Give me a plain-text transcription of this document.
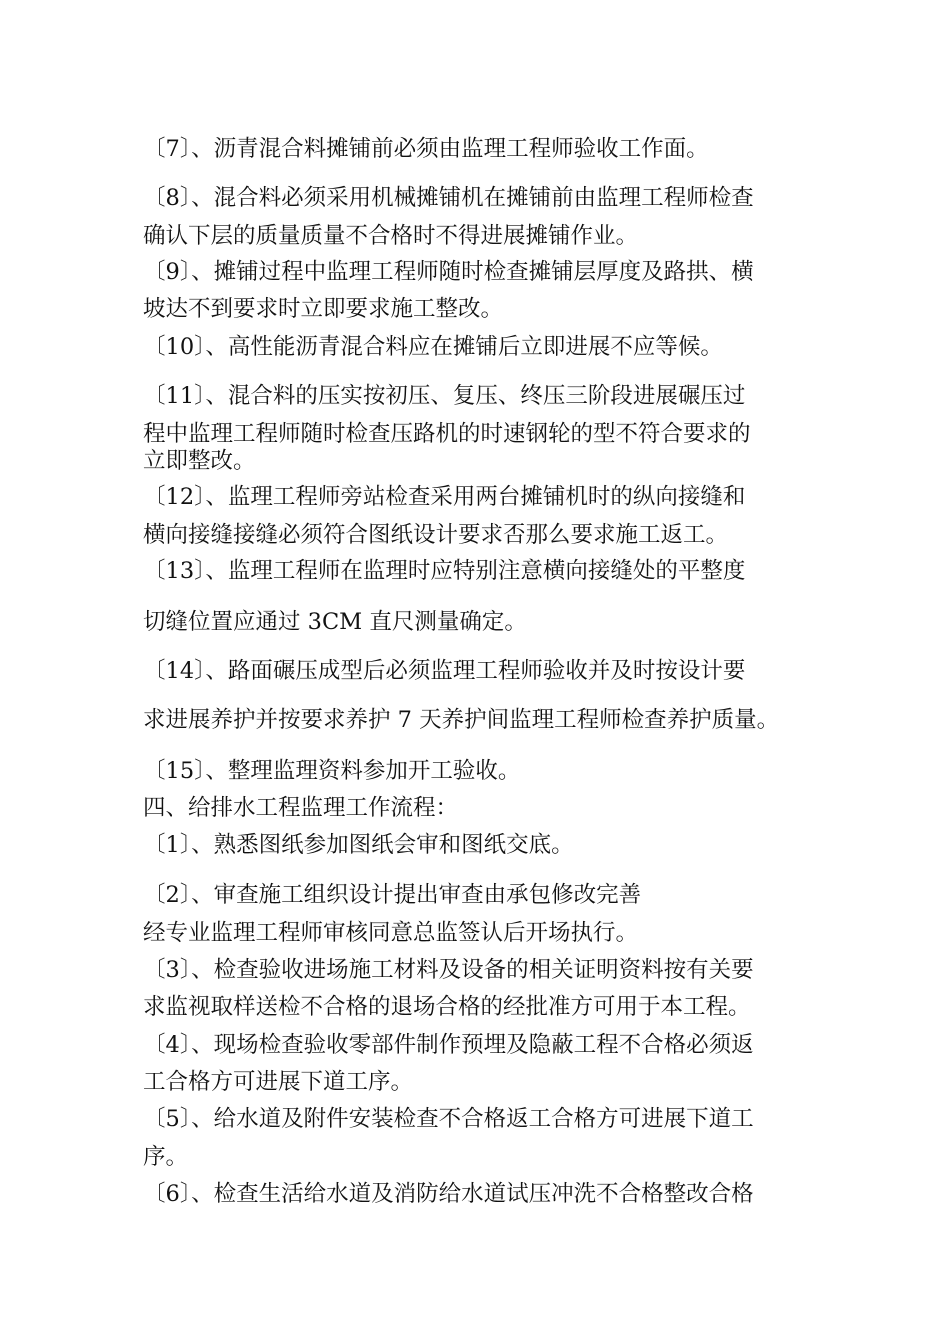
〔7〕、沥青混合料摊铺前必须由监理工程师验收工作面。

〔8〕、混合料必须采用机械摊铺机在摊铺前由监理工程师检查

确认下层的质量质量不合格时不得进展摊铺作业。

〔9〕、摊铺过程中监理工程师随时检查摊铺层厚度及路拱、横

坡达不到要求时立即要求施工整改。

〔10〕、高性能沥青混合料应在摊铺后立即进展不应等候。

〔11〕、混合料的压实按初压、复压、终压三阶段进展碾压过

程中监理工程师随时检查压路机的时速钢轮的型不符合要求的

立即整改。

〔12〕、监理工程师旁站检查采用两台摊铺机时的纵向接缝和

横向接缝接缝必须符合图纸设计要求否那么要求施工返工。

〔13〕、监理工程师在监理时应特别注意横向接缝处的平整度

切缝位置应通过 3CM 直尺测量确定。

〔14〕、路面碾压成型后必须监理工程师验收并及时按设计要

求进展养护并按要求养护 7 天养护间监理工程师检查养护质量。

〔15〕、整理监理资料参加开工验收。

四、给排水工程监理工作流程：

〔1〕、熟悉图纸参加图纸会审和图纸交底。

〔2〕、审查施工组织设计提出审查由承包修改完善

经专业监理工程师审核同意总监签认后开场执行。

〔3〕、检查验收进场施工材料及设备的相关证明资料按有关要

求监视取样送检不合格的退场合格的经批准方可用于本工程。

〔4〕、现场检查验收零部件制作预埋及隐蔽工程不合格必须返

工合格方可进展下道工序。

〔5〕、给水道及附件安装检查不合格返工合格方可进展下道工

序。

〔6〕、检查生活给水道及消防给水道试压冲洗不合格整改合格
